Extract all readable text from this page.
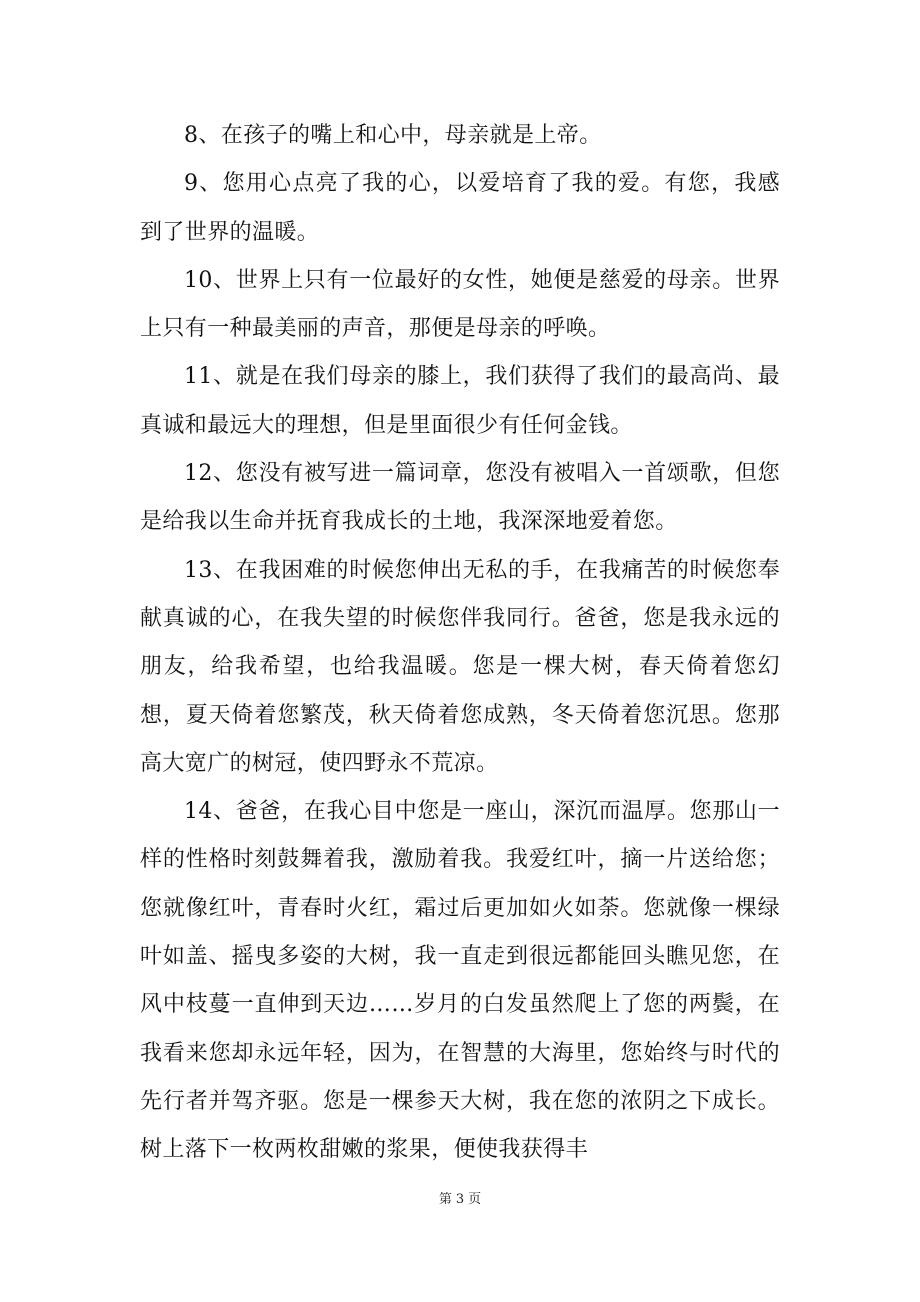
8、在孩子的嘴上和心中，母亲就是上帝。

9、您用心点亮了我的心，以爱培育了我的爱。有您，我感到了世界的温暖。

10、世界上只有一位最好的女性，她便是慈爱的母亲。世界上只有一种最美丽的声音，那便是母亲的呼唤。

11、就是在我们母亲的膝上，我们获得了我们的最高尚、最真诚和最远大的理想，但是里面很少有任何金钱。

12、您没有被写进一篇词章，您没有被唱入一首颂歌，但您是给我以生命并抚育我成长的土地，我深深地爱着您。

13、在我困难的时候您伸出无私的手，在我痛苦的时候您奉献真诚的心，在我失望的时候您伴我同行。爸爸，您是我永远的朋友，给我希望，也给我温暖。您是一棵大树，春天倚着您幻想，夏天倚着您繁茂，秋天倚着您成熟，冬天倚着您沉思。您那高大宽广的树冠，使四野永不荒凉。

14、爸爸，在我心目中您是一座山，深沉而温厚。您那山一样的性格时刻鼓舞着我，激励着我。我爱红叶，摘一片送给您；您就像红叶，青春时火红，霜过后更加如火如荼。您就像一棵绿叶如盖、摇曳多姿的大树，我一直走到很远都能回头瞧见您，在风中枝蔓一直伸到天边……岁月的白发虽然爬上了您的两鬓，在我看来您却永远年轻，因为，在智慧的大海里，您始终与时代的先行者并驾齐驱。您是一棵参天大树，我在您的浓阴之下成长。树上落下一枚两枚甜嫩的浆果，便使我获得丰

第 3 页
